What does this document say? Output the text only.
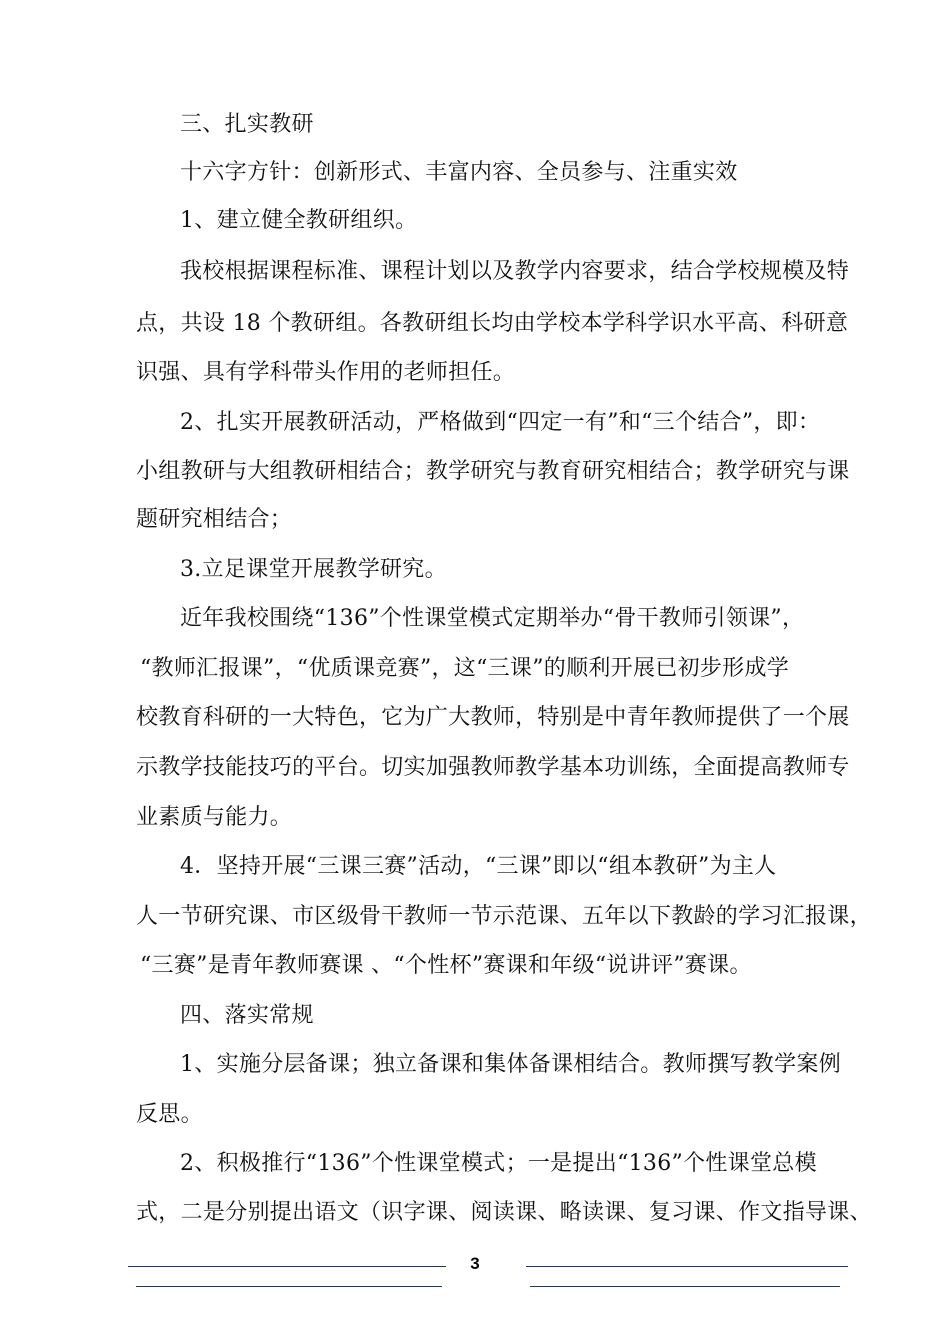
三、扎实教研
十六字方针：创新形式、丰富内容、全员参与、注重实效
1、建立健全教研组织。
我校根据课程标准、课程计划以及教学内容要求，结合学校规模及特
点，共设 18 个教研组。各教研组长均由学校本学科学识水平高、科研意
识强、具有学科带头作用的老师担任。
2、扎实开展教研活动，严格做到“四定一有”和“三个结合”，即：
小组教研与大组教研相结合；教学研究与教育研究相结合；教学研究与课
题研究相结合；
3.立足课堂开展教学研究。
近年我校围绕“136”个性课堂模式定期举办“骨干教师引领课”，
“教师汇报课”，“优质课竞赛”，这“三课”的顺利开展已初步形成学
校教育科研的一大特色，它为广大教师，特别是中青年教师提供了一个展
示教学技能技巧的平台。切实加强教师教学基本功训练，全面提高教师专
业素质与能力。
4．坚持开展“三课三赛”活动，“三课”即以“组本教研”为主人
人一节研究课、市区级骨干教师一节示范课、五年以下教龄的学习汇报课，
“三赛”是青年教师赛课 、“个性杯”赛课和年级“说讲评”赛课。
四、落实常规
1、实施分层备课；独立备课和集体备课相结合。教师撰写教学案例
反思。
2、积极推行“136”个性课堂模式；一是提出“136”个性课堂总模
式，二是分别提出语文（识字课、阅读课、略读课、复习课、作文指导课、
3
